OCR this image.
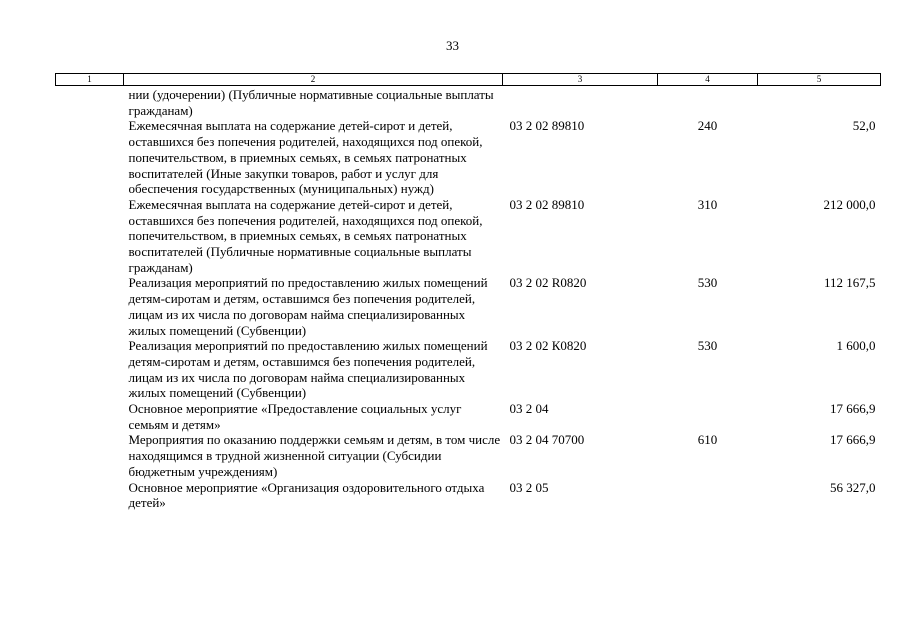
33
1	2	3	4	5
	нии (удочерении) (Публичные нормативные социальные выплаты гражданам)			
	Ежемесячная выплата на содержание детей-сирот и детей, оставшихся без попечения родителей, находящихся под опекой, попечительством, в приемных семьях, в семьях патронатных воспитателей (Иные закупки товаров, работ и услуг для обеспечения государственных (муниципальных) нужд)	03 2 02 89810	240	52,0
	Ежемесячная выплата на содержание детей-сирот и детей, оставшихся без попечения родителей, находящихся под опекой, попечительством, в приемных семьях, в семьях патронатных воспитателей (Публичные нормативные социальные выплаты гражданам)	03 2 02 89810	310	212 000,0
	Реализация мероприятий по предоставлению жилых помещений детям-сиротам и детям, оставшимся без попечения родителей, лицам из их числа по договорам найма специализированных жилых помещений (Субвенции)	03 2 02 R0820	530	112 167,5
	Реализация мероприятий по предоставлению жилых помещений детям-сиротам и детям, оставшимся без попечения родителей, лицам из их числа по договорам найма специализированных жилых помещений (Субвенции)	03 2 02 К0820	530	1 600,0
	Основное мероприятие «Предоставление социальных услуг семьям и детям»	03 2 04		17 666,9
	Мероприятия по оказанию поддержки семьям и детям, в том числе находящимся в трудной жизненной ситуации (Субсидии бюджетным учреждениям)	03 2 04 70700	610	17 666,9
	Основное мероприятие «Организация оздоровительного отдыха детей»	03 2 05		56 327,0
